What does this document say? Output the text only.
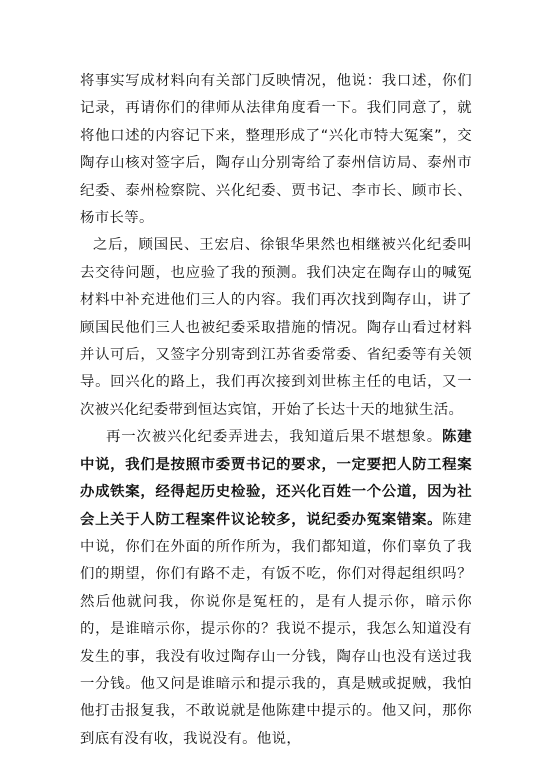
将事实写成材料向有关部门反映情况，他说：我口述，你们记录，再请你们的律师从法律角度看一下。我们同意了，就将他口述的内容记下来，整理形成了“兴化市特大冤案”，交陶存山核对签字后，陶存山分别寄给了泰州信访局、泰州市纪委、泰州检察院、兴化纪委、贾书记、李市长、顾市长、杨市长等。

之后，顾国民、王宏启、徐银华果然也相继被兴化纪委叫去交待问题，也应验了我的预测。我们决定在陶存山的喊冤材料中补充进他们三人的内容。我们再次找到陶存山，讲了顾国民他们三人也被纪委采取措施的情况。陶存山看过材料并认可后，又签字分别寄到江苏省委常委、省纪委等有关领导。回兴化的路上，我们再次接到刘世栋主任的电话，又一次被兴化纪委带到恒达宾馆，开始了长达十天的地狱生活。

再一次被兴化纪委弄进去，我知道后果不堪想象。陈建中说，我们是按照市委贾书记的要求，一定要把人防工程案办成铁案，经得起历史检验，还兴化百姓一个公道，因为社会上关于人防工程案件议论较多，说纪委办冤案错案。陈建中说，你们在外面的所作所为，我们都知道，你们辜负了我们的期望，你们有路不走，有饭不吃，你们对得起组织吗？然后他就问我，你说你是冤枉的，是有人提示你，暗示你的，是谁暗示你，提示你的？我说不提示，我怎么知道没有发生的事，我没有收过陶存山一分钱，陶存山也没有送过我一分钱。他又问是谁暗示和提示我的，真是贼或捉贼，我怕他打击报复我，不敢说就是他陈建中提示的。他又问，那你到底有没有收，我说没有。他说，
